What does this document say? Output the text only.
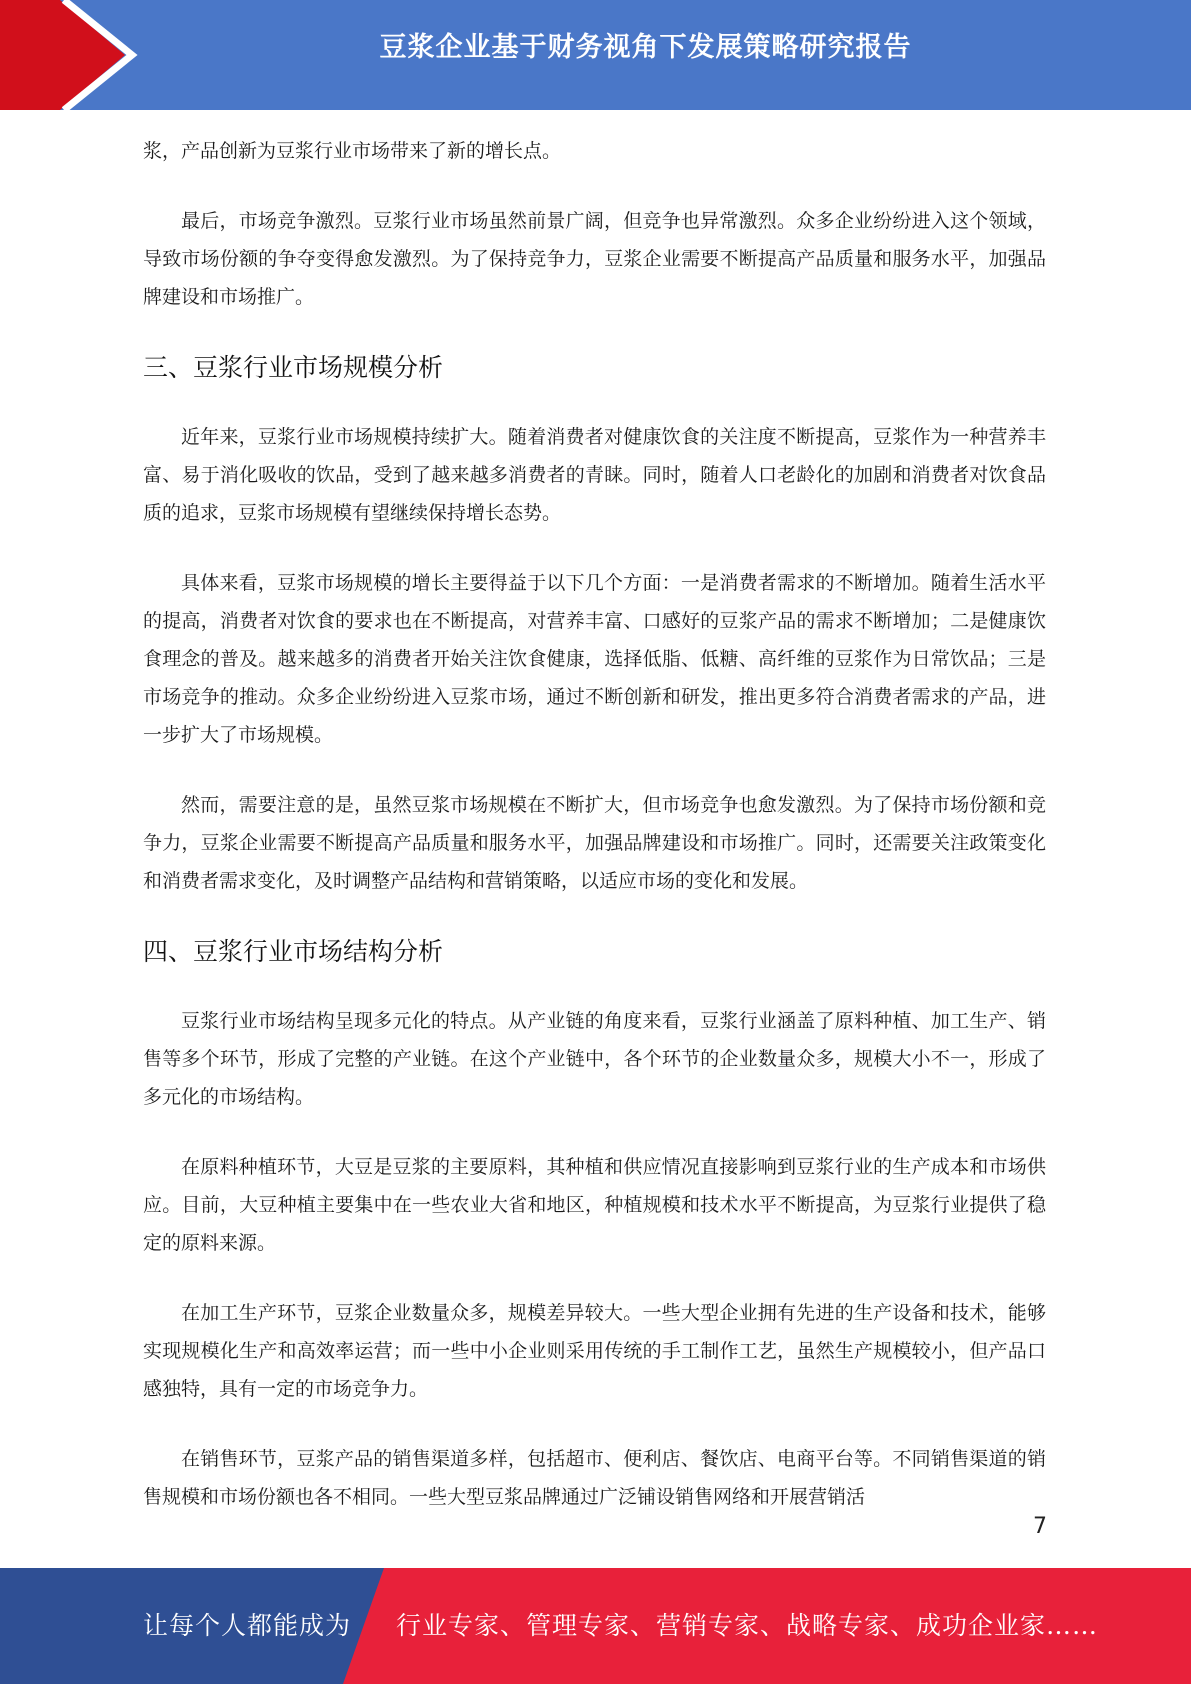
豆浆企业基于财务视角下发展策略研究报告

浆，产品创新为豆浆行业市场带来了新的增长点。

最后，市场竞争激烈。豆浆行业市场虽然前景广阔，但竞争也异常激烈。众多企业纷纷进入这个领域，导致市场份额的争夺变得愈发激烈。为了保持竞争力，豆浆企业需要不断提高产品质量和服务水平，加强品牌建设和市场推广。

三、豆浆行业市场规模分析

近年来，豆浆行业市场规模持续扩大。随着消费者对健康饮食的关注度不断提高，豆浆作为一种营养丰富、易于消化吸收的饮品，受到了越来越多消费者的青睐。同时，随着人口老龄化的加剧和消费者对饮食品质的追求，豆浆市场规模有望继续保持增长态势。

具体来看，豆浆市场规模的增长主要得益于以下几个方面：一是消费者需求的不断增加。随着生活水平的提高，消费者对饮食的要求也在不断提高，对营养丰富、口感好的豆浆产品的需求不断增加；二是健康饮食理念的普及。越来越多的消费者开始关注饮食健康，选择低脂、低糖、高纤维的豆浆作为日常饮品；三是市场竞争的推动。众多企业纷纷进入豆浆市场，通过不断创新和研发，推出更多符合消费者需求的产品，进一步扩大了市场规模。

然而，需要注意的是，虽然豆浆市场规模在不断扩大，但市场竞争也愈发激烈。为了保持市场份额和竞争力，豆浆企业需要不断提高产品质量和服务水平，加强品牌建设和市场推广。同时，还需要关注政策变化和消费者需求变化，及时调整产品结构和营销策略，以适应市场的变化和发展。

四、豆浆行业市场结构分析

豆浆行业市场结构呈现多元化的特点。从产业链的角度来看，豆浆行业涵盖了原料种植、加工生产、销售等多个环节，形成了完整的产业链。在这个产业链中，各个环节的企业数量众多，规模大小不一，形成了多元化的市场结构。

在原料种植环节，大豆是豆浆的主要原料，其种植和供应情况直接影响到豆浆行业的生产成本和市场供应。目前，大豆种植主要集中在一些农业大省和地区，种植规模和技术水平不断提高，为豆浆行业提供了稳定的原料来源。

在加工生产环节，豆浆企业数量众多，规模差异较大。一些大型企业拥有先进的生产设备和技术，能够实现规模化生产和高效率运营；而一些中小企业则采用传统的手工制作工艺，虽然生产规模较小，但产品口感独特，具有一定的市场竞争力。

在销售环节，豆浆产品的销售渠道多样，包括超市、便利店、餐饮店、电商平台等。不同销售渠道的销售规模和市场份额也各不相同。一些大型豆浆品牌通过广泛铺设销售网络和开展营销活

7
让每个人都能成为 行业专家、管理专家、营销专家、战略专家、成功企业家……
